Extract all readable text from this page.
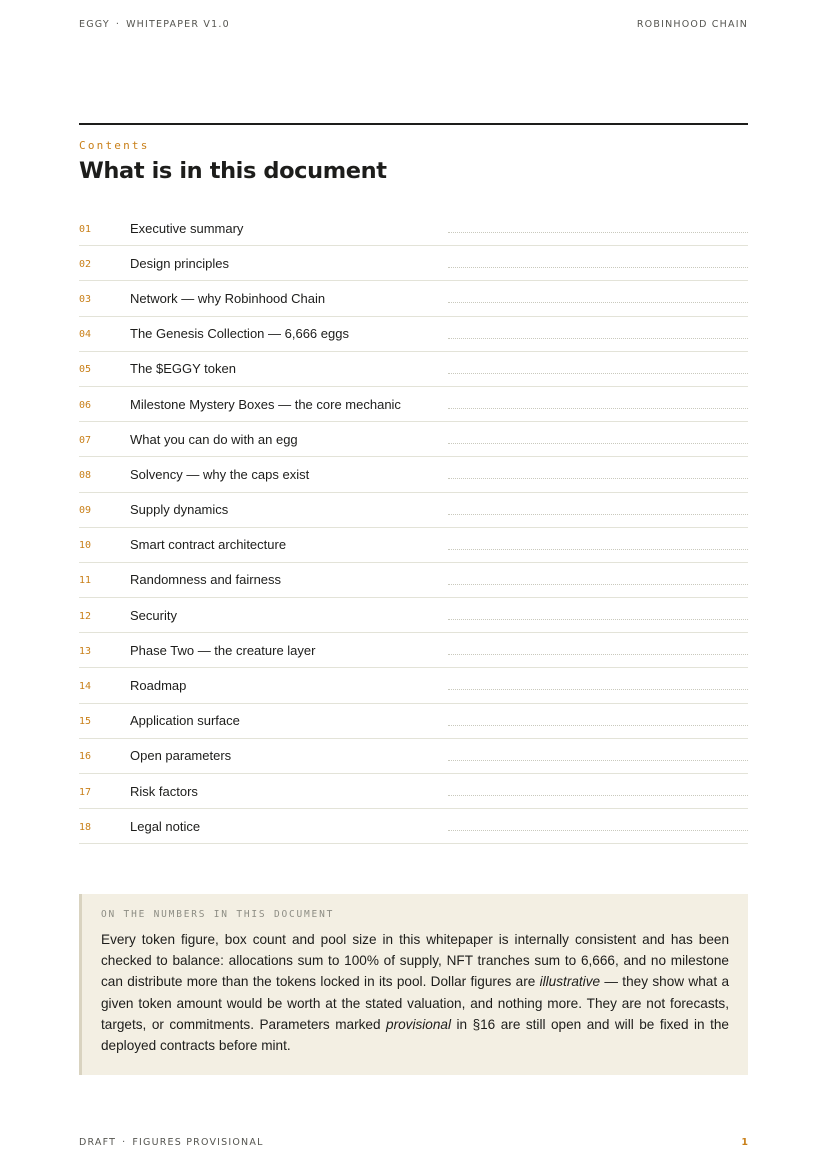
EGGY · WHITEPAPER V1.0	ROBINHOOD CHAIN
Contents
What is in this document
01	Executive summary
02	Design principles
03	Network — why Robinhood Chain
04	The Genesis Collection — 6,666 eggs
05	The $EGGY token
06	Milestone Mystery Boxes — the core mechanic
07	What you can do with an egg
08	Solvency — why the caps exist
09	Supply dynamics
10	Smart contract architecture
11	Randomness and fairness
12	Security
13	Phase Two — the creature layer
14	Roadmap
15	Application surface
16	Open parameters
17	Risk factors
18	Legal notice
ON THE NUMBERS IN THIS DOCUMENT

Every token figure, box count and pool size in this whitepaper is internally consistent and has been checked to balance: allocations sum to 100% of supply, NFT tranches sum to 6,666, and no milestone can distribute more than the tokens locked in its pool. Dollar figures are illustrative — they show what a given token amount would be worth at the stated valuation, and nothing more. They are not forecasts, targets, or commitments. Parameters marked provisional in §16 are still open and will be fixed in the deployed contracts before mint.

DRAFT · FIGURES PROVISIONAL	1
